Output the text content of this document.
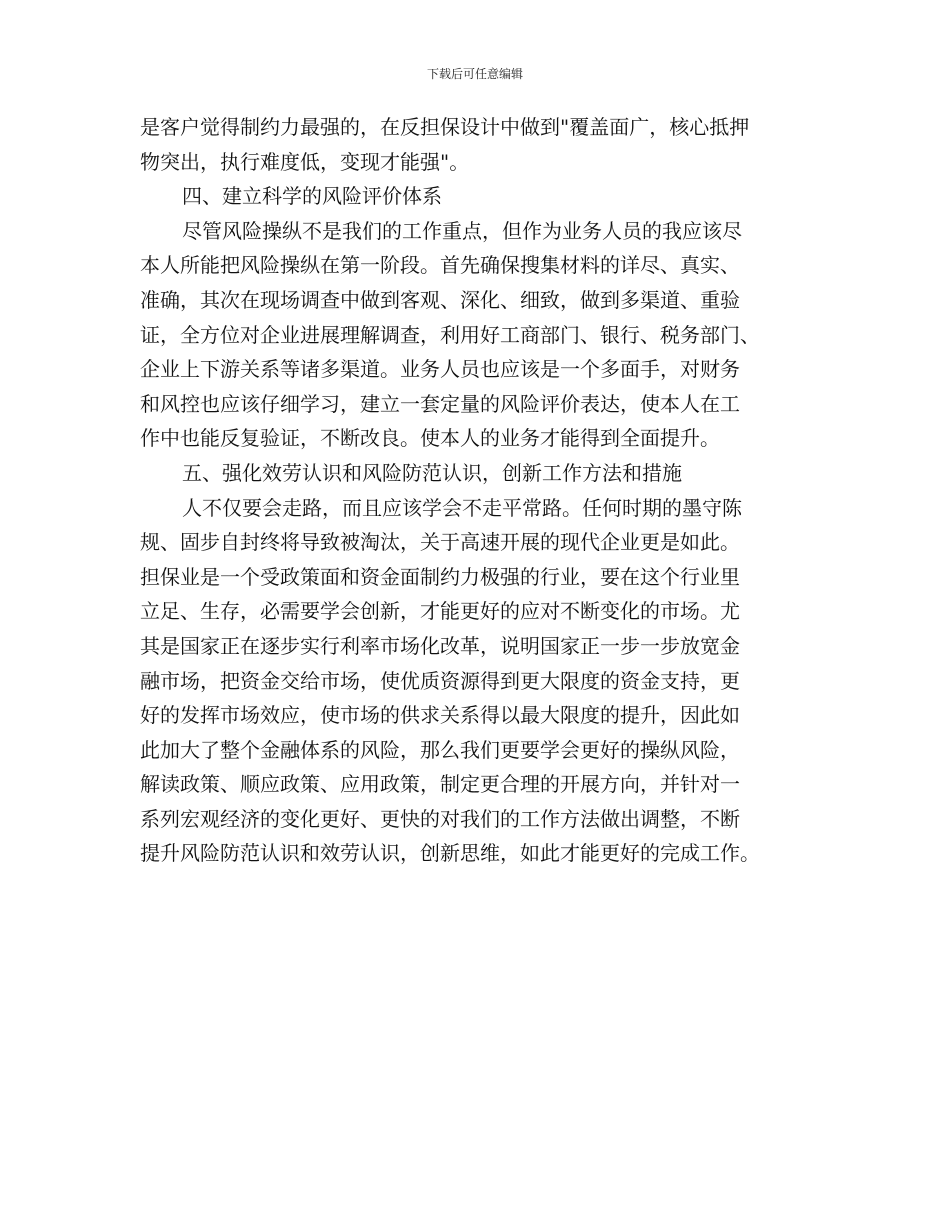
下载后可任意编辑
是客户觉得制约力最强的，在反担保设计中做到"覆盖面广，核心抵押
物突出，执行难度低，变现才能强"。
四、建立科学的风险评价体系
尽管风险操纵不是我们的工作重点，但作为业务人员的我应该尽
本人所能把风险操纵在第一阶段。首先确保搜集材料的详尽、真实、
准确，其次在现场调查中做到客观、深化、细致，做到多渠道、重验
证，全方位对企业进展理解调查，利用好工商部门、银行、税务部门、
企业上下游关系等诸多渠道。业务人员也应该是一个多面手，对财务
和风控也应该仔细学习，建立一套定量的风险评价表达，使本人在工
作中也能反复验证，不断改良。使本人的业务才能得到全面提升。
五、强化效劳认识和风险防范认识，创新工作方法和措施
人不仅要会走路，而且应该学会不走平常路。任何时期的墨守陈
规、固步自封终将导致被淘汰，关于高速开展的现代企业更是如此。
担保业是一个受政策面和资金面制约力极强的行业，要在这个行业里
立足、生存，必需要学会创新，才能更好的应对不断变化的市场。尤
其是国家正在逐步实行利率市场化改革，说明国家正一步一步放宽金
融市场，把资金交给市场，使优质资源得到更大限度的资金支持，更
好的发挥市场效应，使市场的供求关系得以最大限度的提升，因此如
此加大了整个金融体系的风险，那么我们更要学会更好的操纵风险，
解读政策、顺应政策、应用政策，制定更合理的开展方向，并针对一
系列宏观经济的变化更好、更快的对我们的工作方法做出调整，不断
提升风险防范认识和效劳认识，创新思维，如此才能更好的完成工作。
